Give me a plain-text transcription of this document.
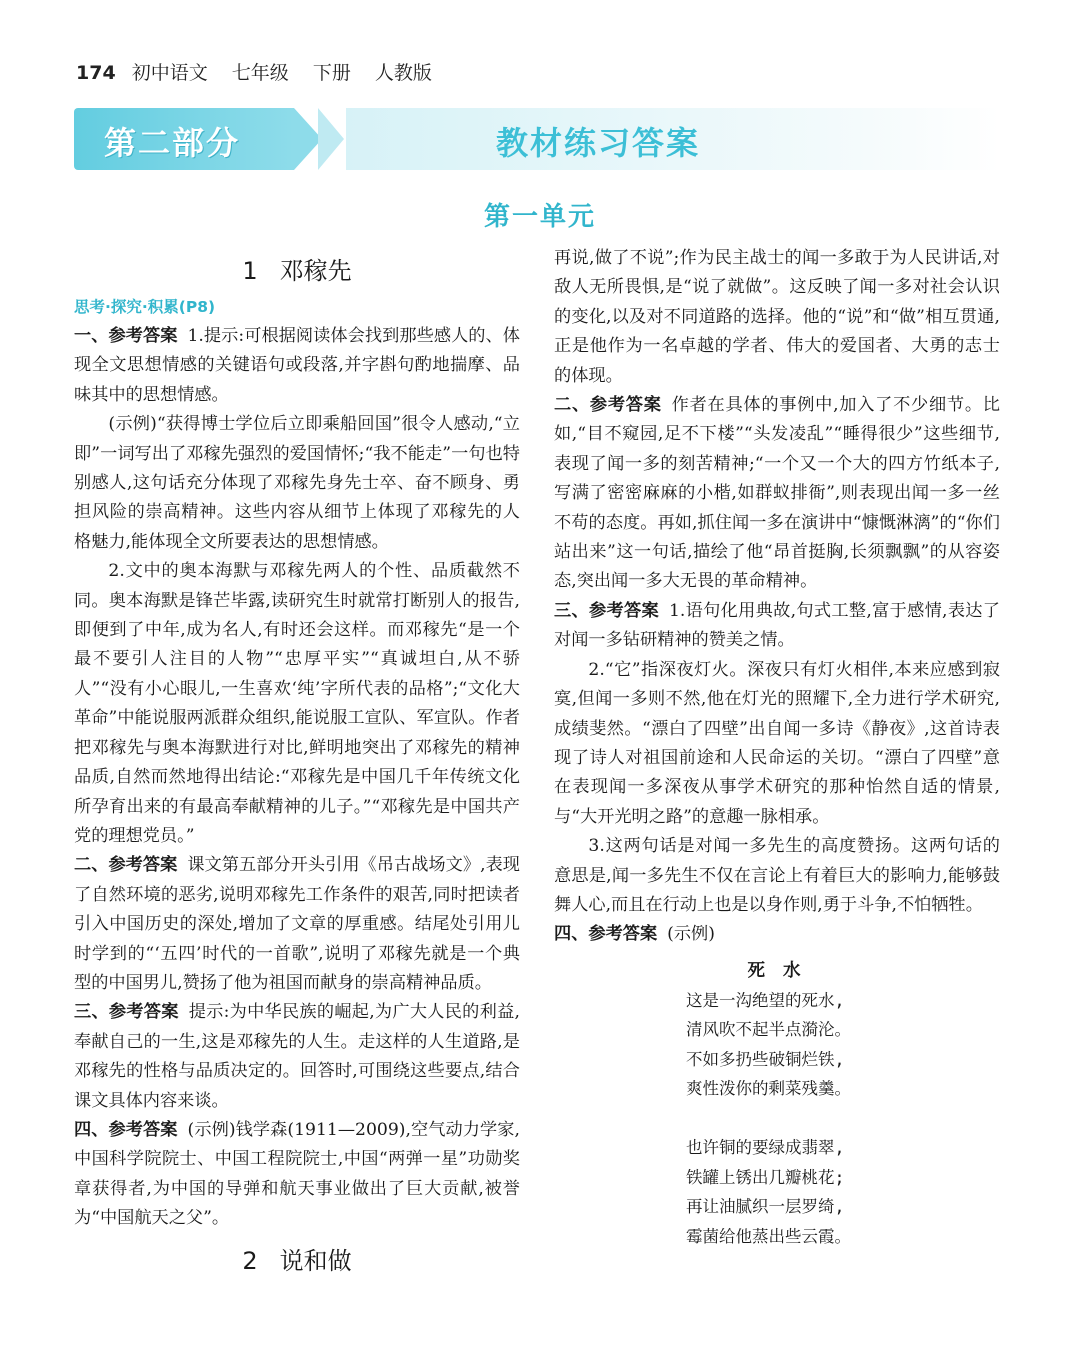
174 初中语文 七年级 下册 人教版
第二部分	教材练习答案
第一单元
1 邓稼先
思考·探究·积累(P8)

一、参考答案 1.提示:可根据阅读体会找到那些感人的、体现全文思想情感的关键语句或段落,并字斟句酌地揣摩、品味其中的思想情感。

(示例)“获得博士学位后立即乘船回国”很令人感动,“立即”一词写出了邓稼先强烈的爱国情怀;“我不能走”一句也特别感人,这句话充分体现了邓稼先身先士卒、奋不顾身、勇担风险的崇高精神。这些内容从细节上体现了邓稼先的人格魅力,能体现全文所要表达的思想情感。

2.文中的奥本海默与邓稼先两人的个性、品质截然不同。奥本海默是锋芒毕露,读研究生时就常打断别人的报告,即便到了中年,成为名人,有时还会这样。而邓稼先“是一个最不要引人注目的人物”“忠厚平实”“真诚坦白,从不骄人”“没有小心眼儿,一生喜欢‘纯’字所代表的品格”;“文化大革命”中能说服两派群众组织,能说服工宣队、军宣队。作者把邓稼先与奥本海默进行对比,鲜明地突出了邓稼先的精神品质,自然而然地得出结论:“邓稼先是中国几千年传统文化所孕育出来的有最高奉献精神的儿子。”“邓稼先是中国共产党的理想党员。”

二、参考答案 课文第五部分开头引用《吊古战场文》,表现了自然环境的恶劣,说明邓稼先工作条件的艰苦,同时把读者引入中国历史的深处,增加了文章的厚重感。结尾处引用儿时学到的“‘五四’时代的一首歌”,说明了邓稼先就是一个典型的中国男儿,赞扬了他为祖国而献身的崇高精神品质。

三、参考答案 提示:为中华民族的崛起,为广大人民的利益,奉献自己的一生,这是邓稼先的人生。走这样的人生道路,是邓稼先的性格与品质决定的。回答时,可围绕这些要点,结合课文具体内容来谈。

四、参考答案 (示例)钱学森(1911—2009),空气动力学家,中国科学院院士、中国工程院院士,中国“两弹一星”功勋奖章获得者,为中国的导弹和航天事业做出了巨大贡献,被誉为“中国航天之父”。

2 说和做

再说,做了不说”;作为民主战士的闻一多敢于为人民讲话,对敌人无所畏惧,是“说了就做”。这反映了闻一多对社会认识的变化,以及对不同道路的选择。他的“说”和“做”相互贯通,正是他作为一名卓越的学者、伟大的爱国者、大勇的志士的体现。

二、参考答案 作者在具体的事例中,加入了不少细节。比如,“目不窥园,足不下楼”“头发凌乱”“睡得很少”这些细节,表现了闻一多的刻苦精神;“一个又一个大的四方竹纸本子,写满了密密麻麻的小楷,如群蚁排衙”,则表现出闻一多一丝不苟的态度。再如,抓住闻一多在演讲中“慷慨淋漓”的“你们站出来”这一句话,描绘了他“昂首挺胸,长须飘飘”的从容姿态,突出闻一多大无畏的革命精神。

三、参考答案 1.语句化用典故,句式工整,富于感情,表达了对闻一多钻研精神的赞美之情。

2.“它”指深夜灯火。深夜只有灯火相伴,本来应感到寂寞,但闻一多则不然,他在灯光的照耀下,全力进行学术研究,成绩斐然。“漂白了四壁”出自闻一多诗《静夜》,这首诗表现了诗人对祖国前途和人民命运的关切。“漂白了四壁”意在表现闻一多深夜从事学术研究的那种怡然自适的情景,与“大开光明之路”的意趣一脉相承。

3.这两句话是对闻一多先生的高度赞扬。这两句话的意思是,闻一多先生不仅在言论上有着巨大的影响力,能够鼓舞人心,而且在行动上也是以身作则,勇于斗争,不怕牺牲。

四、参考答案 (示例)

死 水
这是一沟绝望的死水,
清风吹不起半点漪沦。
不如多扔些破铜烂铁,
爽性泼你的剩菜残羹。
也许铜的要绿成翡翠,
铁罐上锈出几瓣桃花;
再让油腻织一层罗绮,
霉菌给他蒸出些云霞。
